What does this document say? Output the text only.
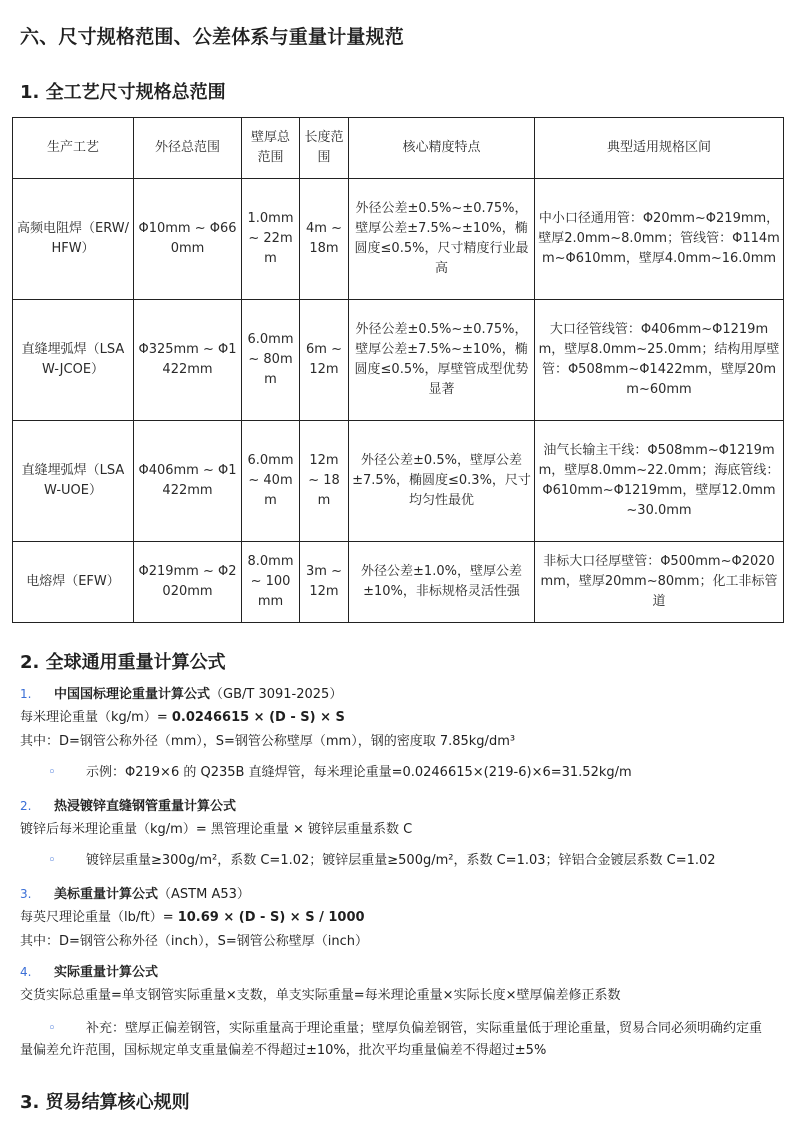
六、尺寸规格范围、公差体系与重量计量规范
1. 全工艺尺寸规格总范围
生产工艺	外径总范围	壁厚总范围	长度范围	核心精度特点	典型适用规格区间
高频电阻焊（ERW/HFW）	Φ10mm ~ Φ660mm	1.0mm ~ 22mm	4m ~ 18m	外径公差±0.5%~±0.75%，壁厚公差±7.5%~±10%，椭圆度≤0.5%，尺寸精度行业最高	中小口径通用管：Φ20mm~Φ219mm，壁厚2.0mm~8.0mm；管线管：Φ114mm~Φ610mm，壁厚4.0mm~16.0mm
直缝埋弧焊（LSAW-JCOE）	Φ325mm ~ Φ1422mm	6.0mm ~ 80mm	6m ~ 12m	外径公差±0.5%~±0.75%，壁厚公差±7.5%~±10%，椭圆度≤0.5%，厚壁管成型优势显著	大口径管线管：Φ406mm~Φ1219mm，壁厚8.0mm~25.0mm；结构用厚壁管：Φ508mm~Φ1422mm，壁厚20mm~60mm
直缝埋弧焊（LSAW-UOE）	Φ406mm ~ Φ1422mm	6.0mm ~ 40mm	12m ~ 18m	外径公差±0.5%，壁厚公差±7.5%，椭圆度≤0.3%，尺寸均匀性最优	油气长输主干线：Φ508mm~Φ1219mm，壁厚8.0mm~22.0mm；海底管线：Φ610mm~Φ1219mm，壁厚12.0mm~30.0mm
电熔焊（EFW）	Φ219mm ~ Φ2020mm	8.0mm ~ 100mm	3m ~ 12m	外径公差±1.0%，壁厚公差±10%，非标规格灵活性强	非标大口径厚壁管：Φ500mm~Φ2020mm，壁厚20mm~80mm；化工非标管道
2. 全球通用重量计算公式
1. 中国国标理论重量计算公式（GB/T 3091-2025）
每米理论重量（kg/m）= 0.0246615 × (D - S) × S
其中：D=钢管公称外径（mm），S=钢管公称壁厚（mm），钢的密度取 7.85kg/dm³
◦ 示例：Φ219×6 的 Q235B 直缝焊管，每米理论重量=0.0246615×(219-6)×6=31.52kg/m
2. 热浸镀锌直缝钢管重量计算公式
镀锌后每米理论重量（kg/m）= 黑管理论重量 × 镀锌层重量系数 C
◦ 镀锌层重量≥300g/m²，系数 C=1.02；镀锌层重量≥500g/m²，系数 C=1.03；锌铝合金镀层系数 C=1.02
3. 美标重量计算公式（ASTM A53）
每英尺理论重量（lb/ft）= 10.69 × (D - S) × S / 1000
其中：D=钢管公称外径（inch），S=钢管公称壁厚（inch）
4. 实际重量计算公式
交货实际总重量=单支钢管实际重量×支数，单支实际重量=每米理论重量×实际长度×壁厚偏差修正系数
◦ 补充：壁厚正偏差钢管，实际重量高于理论重量；壁厚负偏差钢管，实际重量低于理论重量，贸易合同必须明确约定重量偏差允许范围，国标规定单支重量偏差不得超过±10%，批次平均重量偏差不得超过±5%
3. 贸易结算核心规则
